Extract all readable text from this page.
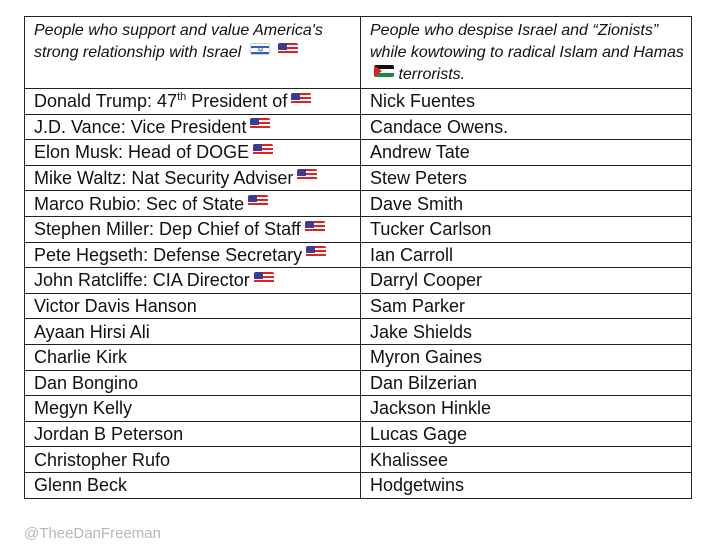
People who support and value America's strong relationship with Israel ✡	People who despise Israel and “Zionists” while kowtowing to radical Islam and Hamas  terrorists.
Donald Trump: 47th President of	Nick Fuentes
J.D. Vance: Vice President	Candace Owens.
Elon Musk: Head of DOGE	Andrew Tate
Mike Waltz: Nat Security Adviser	Stew Peters
Marco Rubio: Sec of State	Dave Smith
Stephen Miller: Dep Chief of Staff	Tucker Carlson
Pete Hegseth: Defense Secretary	Ian Carroll
John Ratcliffe: CIA Director	Darryl Cooper
Victor Davis Hanson	Sam Parker
Ayaan Hirsi Ali	Jake Shields
Charlie Kirk	Myron Gaines
Dan Bongino	Dan Bilzerian
Megyn Kelly	Jackson Hinkle
Jordan B Peterson	Lucas Gage
Christopher Rufo	Khalissee
Glenn Beck	Hodgetwins
@TheeDanFreeman
